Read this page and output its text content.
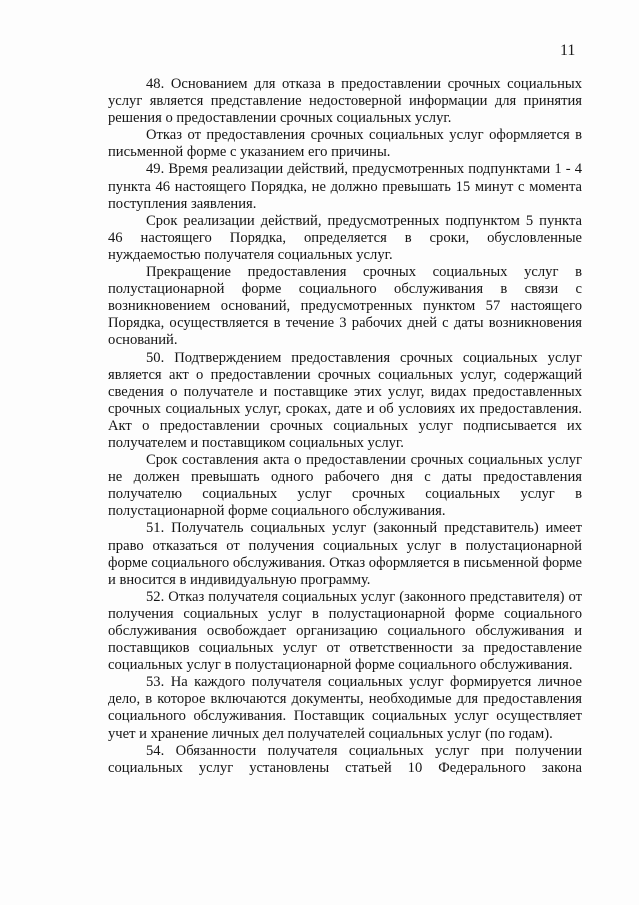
11

48. Основанием для отказа в предоставлении срочных социальных услуг является представление недостоверной информации для принятия решения о предоставлении срочных социальных услуг.

Отказ от предоставления срочных социальных услуг оформляется в письменной форме с указанием его причины.

49. Время реализации действий, предусмотренных подпунктами 1 - 4 пункта 46 настоящего Порядка, не должно превышать 15 минут с момента поступления заявления.

Срок реализации действий, предусмотренных подпунктом 5 пункта 46 настоящего Порядка, определяется в сроки, обусловленные нуждаемостью получателя социальных услуг.

Прекращение предоставления срочных социальных услуг в полустационарной форме социального обслуживания в связи с возникновением оснований, предусмотренных пунктом 57 настоящего Порядка, осуществляется в течение 3 рабочих дней с даты возникновения оснований.

50. Подтверждением предоставления срочных социальных услуг является акт о предоставлении срочных социальных услуг, содержащий сведения о получателе и поставщике этих услуг, видах предоставленных срочных социальных услуг, сроках, дате и об условиях их предоставления. Акт о предоставлении срочных социальных услуг подписывается их получателем и поставщиком социальных услуг.

Срок составления акта о предоставлении срочных социальных услуг не должен превышать одного рабочего дня с даты предоставления получателю социальных услуг срочных социальных услуг в полустационарной форме социального обслуживания.

51. Получатель социальных услуг (законный представитель) имеет право отказаться от получения социальных услуг в полустационарной форме социального обслуживания. Отказ оформляется в письменной форме и вносится в индивидуальную программу.

52. Отказ получателя социальных услуг (законного представителя) от получения социальных услуг в полустационарной форме социального обслуживания освобождает организацию социального обслуживания и поставщиков социальных услуг от ответственности за предоставление социальных услуг в полустационарной форме социального обслуживания.

53. На каждого получателя социальных услуг формируется личное дело, в которое включаются документы, необходимые для предоставления социального обслуживания. Поставщик социальных услуг осуществляет учет и хранение личных дел получателей социальных услуг (по годам).

54. Обязанности получателя социальных услуг при получении социальных услуг установлены статьей 10 Федерального закона
